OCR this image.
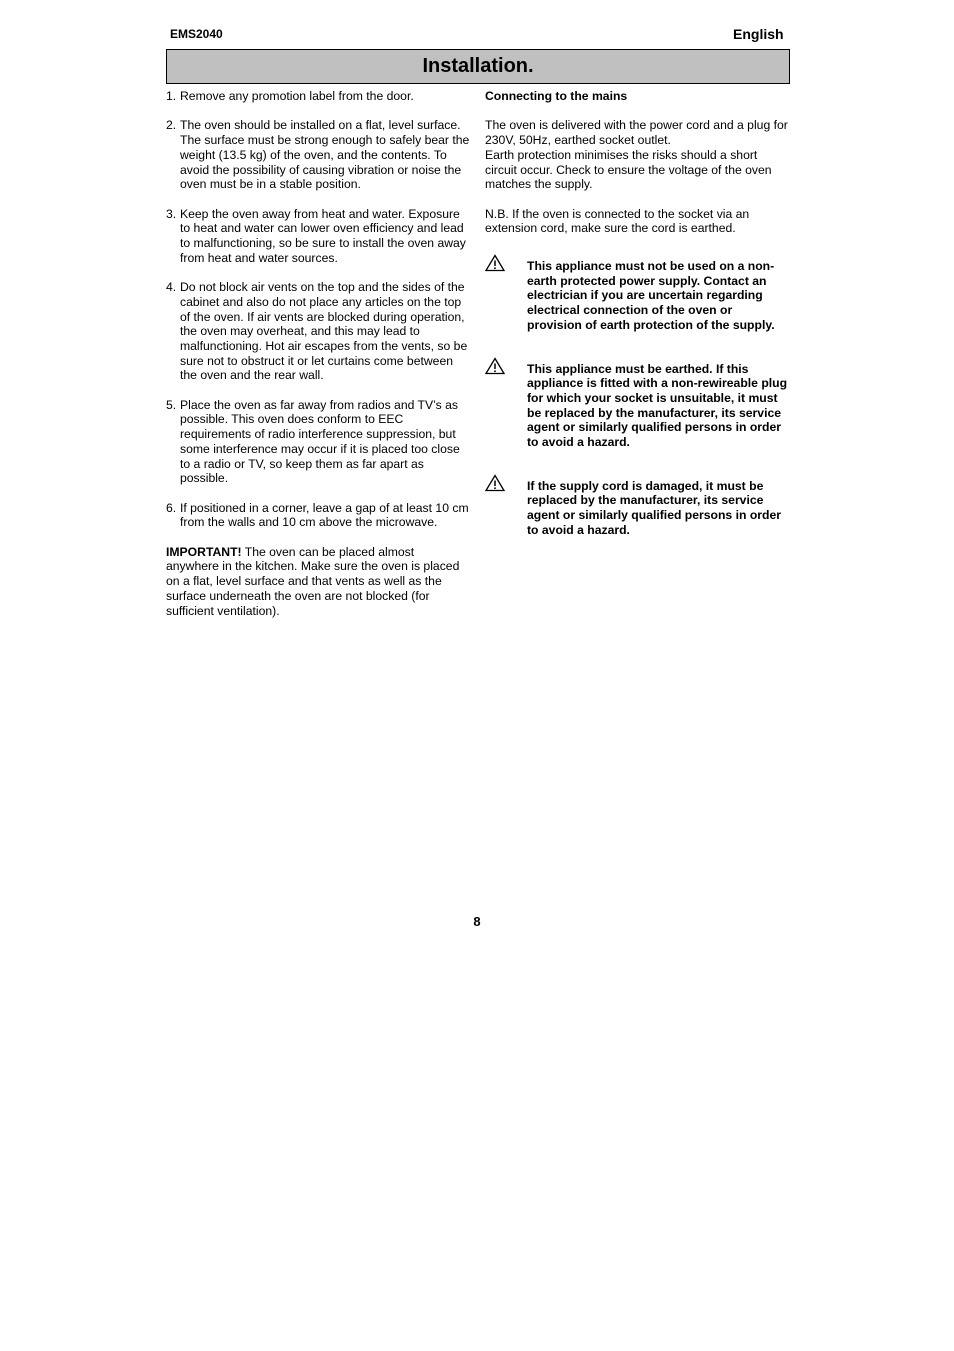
EMS2040	English
Installation.
1. Remove any promotion label from the door.
2. The oven should be installed on a flat, level surface. The surface must be strong enough to safely bear the weight (13.5 kg) of the oven, and the contents. To avoid the possibility of causing vibration or noise the oven must be in a stable position.
3. Keep the oven away from heat and water. Exposure to heat and water can lower oven efficiency and lead to malfunctioning, so be sure to install the oven away from heat and water sources.
4. Do not block air vents on the top and the sides of the cabinet and also do not place any articles on the top of the oven. If air vents are blocked during operation, the oven may overheat, and this may lead to malfunctioning. Hot air escapes from the vents, so be sure not to obstruct it or let curtains come between the oven and the rear wall.
5. Place the oven as far away from radios and TV’s as possible. This oven does conform to EEC requirements of radio interference suppression, but some interference may occur if it is placed too close to a radio or TV, so keep them as far apart as possible.
6. If positioned in a corner, leave a gap of at least 10 cm from the walls and 10 cm above the microwave.

IMPORTANT! The oven can be placed almost anywhere in the kitchen. Make sure the oven is placed on a flat, level surface and that vents as well as the surface underneath the oven are not blocked (for sufficient ventilation).

Connecting to the mains

The oven is delivered with the power cord and a plug for 230V, 50Hz, earthed socket outlet.

Earth protection minimises the risks should a short circuit occur. Check to ensure the voltage of the oven matches the supply.

N.B. If the oven is connected to the socket via an extension cord, make sure the cord is earthed.

This appliance must not be used on a non-earth protected power supply. Contact an electrician if you are uncertain regarding electrical connection of the oven or provision of earth protection of the supply.
This appliance must be earthed. If this appliance is fitted with a non-rewireable plug for which your socket is unsuitable, it must be replaced by the manufacturer, its service agent or similarly qualified persons in order to avoid a hazard.
If the supply cord is damaged, it must be replaced by the manufacturer, its service agent or similarly qualified persons in order to avoid a hazard.
8
